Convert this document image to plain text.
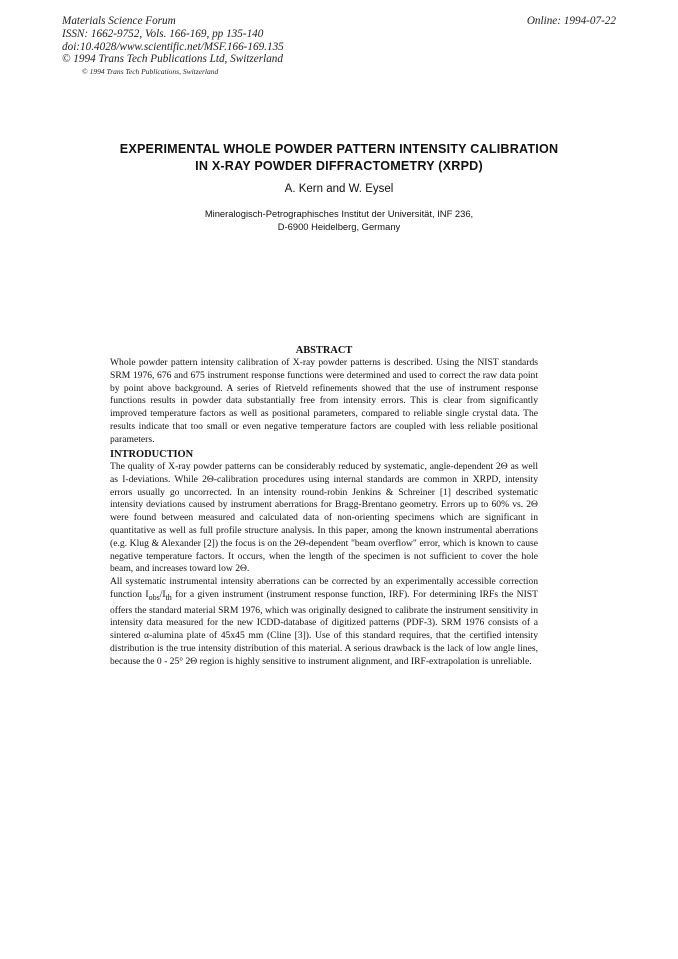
Materials Science Forum
ISSN: 1662-9752, Vols. 166-169, pp 135-140
doi:10.4028/www.scientific.net/MSF.166-169.135
© 1994 Trans Tech Publications Ltd, Switzerland
© 1994 Trans Tech Publications, Switzerland
Online: 1994-07-22
EXPERIMENTAL WHOLE POWDER PATTERN INTENSITY CALIBRATION
IN X-RAY POWDER DIFFRACTOMETRY (XRPD)
A. Kern and W. Eysel
Mineralogisch-Petrographisches Institut der Universität, INF 236,
D-6900 Heidelberg, Germany
ABSTRACT

Whole powder pattern intensity calibration of X-ray powder patterns is described. Using the NIST standards SRM 1976, 676 and 675 instrument response functions were determined and used to correct the raw data point by point above background. A series of Rietveld refinements showed that the use of instrument response functions results in powder data substantially free from intensity errors. This is clear from significantly improved temperature factors as well as positional parameters, compared to reliable single crystal data. The results indicate that too small or even negative temperature factors are coupled with less reliable positional parameters.

INTRODUCTION

The quality of X-ray powder patterns can be considerably reduced by systematic, angle-dependent 2Θ as well as I-deviations. While 2Θ-calibration procedures using internal standards are common in XRPD, intensity errors usually go uncorrected. In an intensity round-robin Jenkins & Schreiner [1] described systematic intensity deviations caused by instrument aberrations for Bragg-Brentano geometry. Errors up to 60% vs. 2Θ were found between measured and calculated data of non-orienting specimens which are significant in quantitative as well as full profile structure analysis. In this paper, among the known instrumental aberrations (e.g. Klug & Alexander [2]) the focus is on the 2Θ-dependent "beam overflow" error, which is known to cause negative temperature factors. It occurs, when the length of the specimen is not sufficient to cover the hole beam, and increases toward low 2Θ.

All systematic instrumental intensity aberrations can be corrected by an experimentally accessible correction function $I_{obs}/I_{th}$ for a given instrument (instrument response function, IRF). For determining IRFs the NIST offers the standard material SRM 1976, which was originally designed to calibrate the instrument sensitivity in intensity data measured for the new ICDD-database of digitized patterns (PDF-3). SRM 1976 consists of a sintered α-alumina plate of 45x45 mm (Cline [3]). Use of this standard requires, that the certified intensity distribution is the true intensity distribution of this material. A serious drawback is the lack of low angle lines, because the 0 - 25° 2Θ region is highly sensitive to instrument alignment, and IRF-extrapolation is unreliable.
